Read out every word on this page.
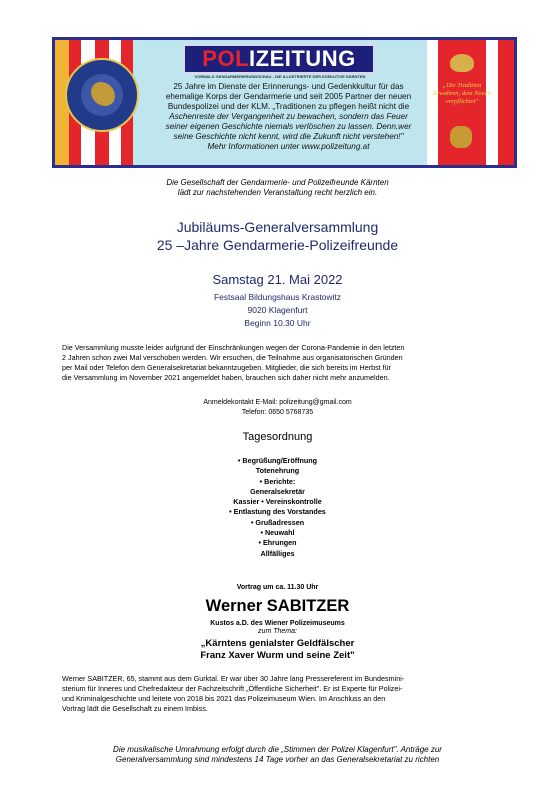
POLIZEITUNG
VORMALS GENDARMERIERUNDSCHAU - DIE ILLUSTRIERTE DER EXEKUTIVE KÄRNTEN
25 Jahre im Dienste der Erinnerungs- und Gedenkkultur für das
ehemalige Korps der Gendarmerie und seit 2005 Partner der neuen
Bundespolizei und der KLM. „Traditionen zu pflegen heißt nicht die
Aschenreste der Vergangenheit zu bewachen, sondern das Feuer
seiner eigenen Geschichte niemals verlöschen zu lassen. Denn,wer
seine Geschichte nicht kennt, wird die Zukunft nicht verstehen!"
Mehr Informationen unter www.polizeitung.at
„Die Tradition bewahren, dem Neuen verpflichtet"
Die Gesellschaft der Gendarmerie- und Polizeifreunde Kärnten
lädt zur nachstehenden Veranstaltung recht herzlich ein.
Jubiläums-Generalversammlung
25 –Jahre Gendarmerie-Polizeifreunde
Samstag 21. Mai 2022
Festsaal Bildungshaus Krastowitz
9020 Klagenfurt
Beginn 10.30 Uhr
Die Versammlung musste leider aufgrund der Einschränkungen wegen der Corona-Pandemie in den letzten
2 Jahren schon zwei Mal verschoben werden. Wir ersuchen, die Teilnahme aus organisatorischen Gründen
per Mail oder Telefon dem Generalsekretariat bekanntzugeben. Mitglieder, die sich bereits im Herbst für
die Versammlung im November 2021 angemeldet haben, brauchen sich daher nicht mehr anzumelden.
Anmeldekontakt E-Mail: polizeitung@gmail.com
Telefon: 0650 5768735
Tagesordnung
• Begrüßung/Eröffnung
Totenehrung
• Berichte:
Generalsekretär
Kassier • Vereinskontrolle
• Entlastung des Vorstandes
• Grußadressen
• Neuwahl
• Ehrungen
Allfälliges
Vortrag um ca. 11.30 Uhr
Werner SABITZER
Kustos a.D. des Wiener Polizeimuseums
zum Thema:
„Kärntens genialster Geldfälscher
Franz Xaver Wurm und seine Zeit"
Werner SABITZER, 65, stammt aus dem Gurktal. Er war über 30 Jahre lang Pressereferent im Bundesmini-
sterium für Inneres und Chefredakteur der Fachzeitschrift „Öffentliche Sicherheit". Er ist Experte für Polizei-
und Kriminalgeschichte und leitete von 2018 bis 2021 das Polizeimuseum Wien. Im Anschluss an den
Vortrag lädt die Gesellschaft zu einem Imbiss.
Die musikalische Umrahmung erfolgt durch die „Stimmen der Polizei Klagenfurt". Anträge zur
Generalversammlung sind mindestens 14 Tage vorher an das Generalsekretariat zu richten
